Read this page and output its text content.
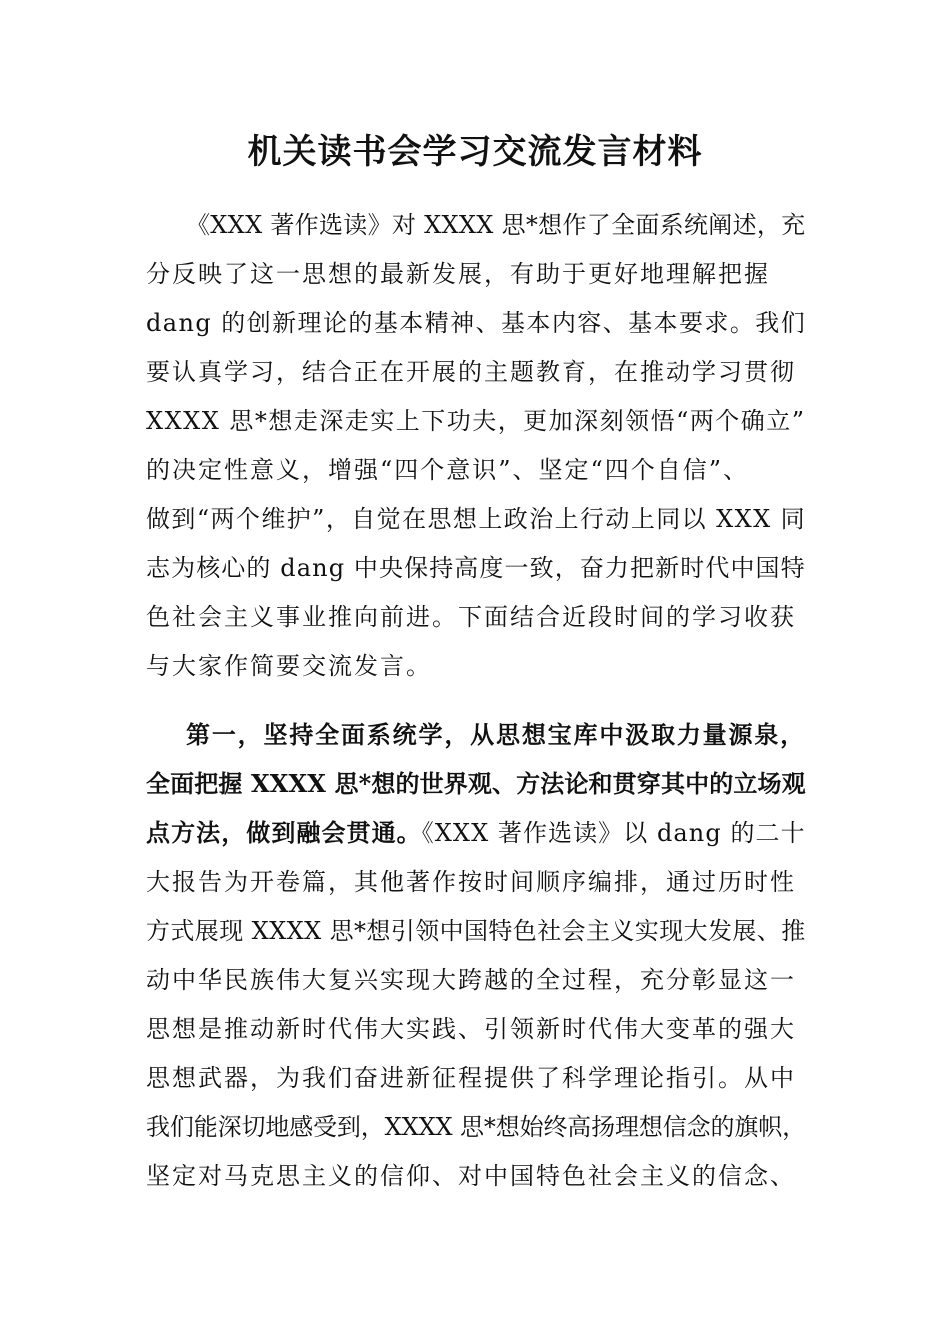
机关读书会学习交流发言材料
《XXX 著作选读》对 XXXX 思*想作了全面系统阐述，充
分反映了这一思想的最新发展，有助于更好地理解把握
dang 的创新理论的基本精神、基本内容、基本要求。我们
要认真学习，结合正在开展的主题教育，在推动学习贯彻
XXXX 思*想走深走实上下功夫，更加深刻领悟“两个确立”
的决定性意义，增强“四个意识”、坚定“四个自信”、
做到“两个维护”，自觉在思想上政治上行动上同以 XXX 同
志为核心的 dang 中央保持高度一致，奋力把新时代中国特
色社会主义事业推向前进。下面结合近段时间的学习收获
与大家作简要交流发言。
第一，坚持全面系统学，从思想宝库中汲取力量源泉，
全面把握 XXXX 思*想的世界观、方法论和贯穿其中的立场观
点方法，做到融会贯通。《XXX 著作选读》以 dang 的二十
大报告为开卷篇，其他著作按时间顺序编排，通过历时性
方式展现 XXXX 思*想引领中国特色社会主义实现大发展、推
动中华民族伟大复兴实现大跨越的全过程，充分彰显这一
思想是推动新时代伟大实践、引领新时代伟大变革的强大
思想武器，为我们奋进新征程提供了科学理论指引。从中
我们能深切地感受到，XXXX 思*想始终高扬理想信念的旗帜，
坚定对马克思主义的信仰、对中国特色社会主义的信念、
